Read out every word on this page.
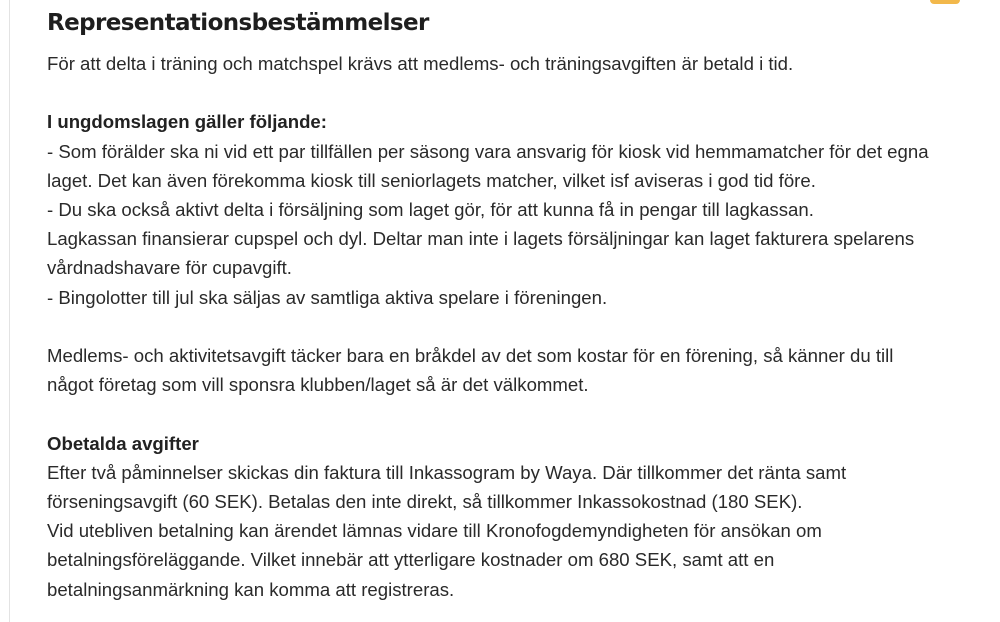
Representationsbestämmelser
För att delta i träning och matchspel krävs att medlems- och träningsavgiften är betald i tid.
I ungdomslagen gäller följande:
- Som förälder ska ni vid ett par tillfällen per säsong vara ansvarig för kiosk vid hemmamatcher för det egna
laget. Det kan även förekomma kiosk till seniorlagets matcher, vilket isf aviseras i god tid före.
- Du ska också aktivt delta i försäljning som laget gör, för att kunna få in pengar till lagkassan.
Lagkassan finansierar cupspel och dyl. Deltar man inte i lagets försäljningar kan laget fakturera spelarens
vårdnadshavare för cupavgift.
- Bingolotter till jul ska säljas av samtliga aktiva spelare i föreningen.
Medlems- och aktivitetsavgift täcker bara en bråkdel av det som kostar för en förening, så känner du till
något företag som vill sponsra klubben/laget så är det välkommet.
Obetalda avgifter
Efter två påminnelser skickas din faktura till Inkassogram by Waya. Där tillkommer det ränta samt
förseningsavgift (60 SEK). Betalas den inte direkt, så tillkommer Inkassokostnad (180 SEK).
Vid utebliven betalning kan ärendet lämnas vidare till Kronofogdemyndigheten för ansökan om
betalningsföreläggande. Vilket innebär att ytterligare kostnader om 680 SEK, samt att en
betalningsanmärkning kan komma att registreras.
